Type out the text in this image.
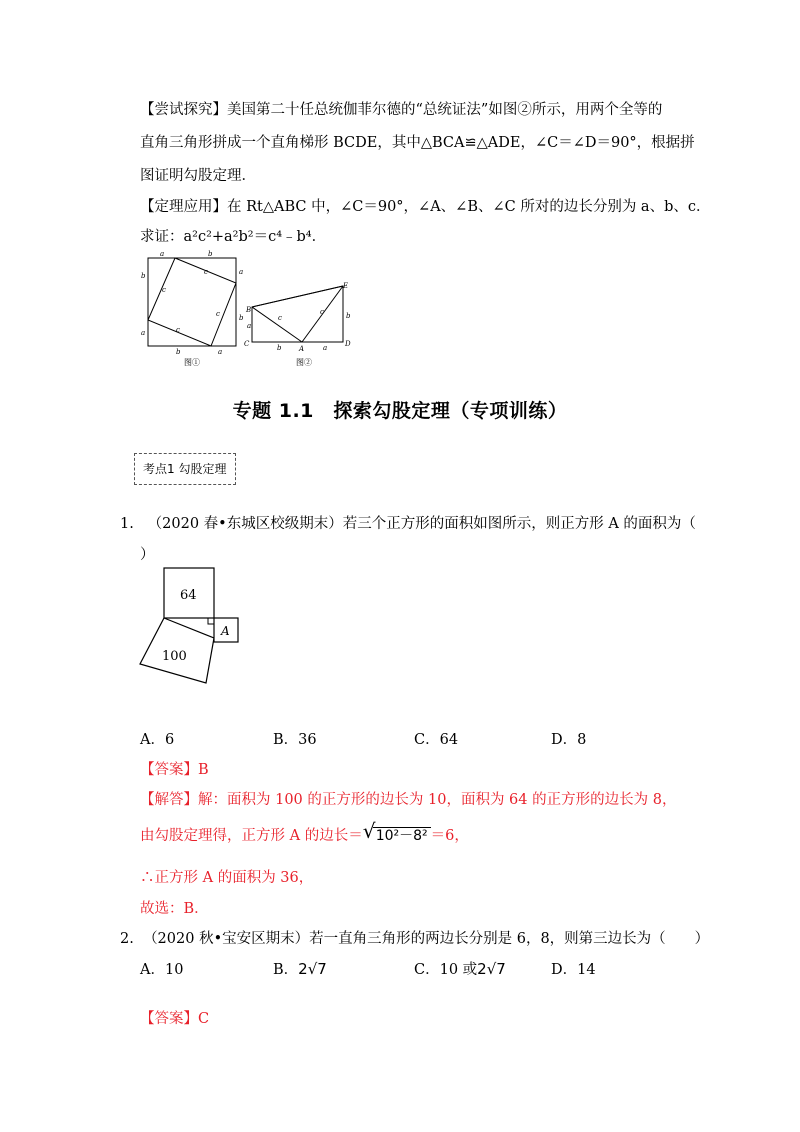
【尝试探究】美国第二十任总统伽菲尔德的“总统证法”如图②所示，用两个全等的
直角三角形拼成一个直角梯形 BCDE，其中△BCA≌△ADE，∠C＝∠D＝90°，根据拼
图证明勾股定理．
【定理应用】在 Rt△ABC 中，∠C＝90°，∠A、∠B、∠C 所对的边长分别为 a、b、c．
求证：a²c²+a²b²＝c⁴﹣b⁴．
a	b
b
a
a
b
b	a
c
c
c
c	B
C
A
D
E
a
b	a
b
c
c
图①	图②
专题 1.1　探索勾股定理（专项训练）
考点1 勾股定理
1. （2020 春•东城区校级期末）若三个正方形的面积如图所示，则正方形 A 的面积为（
）
64
100
A
A．6	B．36	C．64	D．8
【答案】B
【解答】解：面积为 100 的正方形的边长为 10，面积为 64 的正方形的边长为 8，
由勾股定理得，正方形 A 的边长＝ √ 10²－8² ＝6，
∴正方形 A 的面积为 36，
故选：B．
2. （2020 秋•宝安区期末）若一直角三角形的两边长分别是 6，8，则第三边长为（　　）
A．10	B．2√7	C．10 或2√7	D．14
【答案】C
